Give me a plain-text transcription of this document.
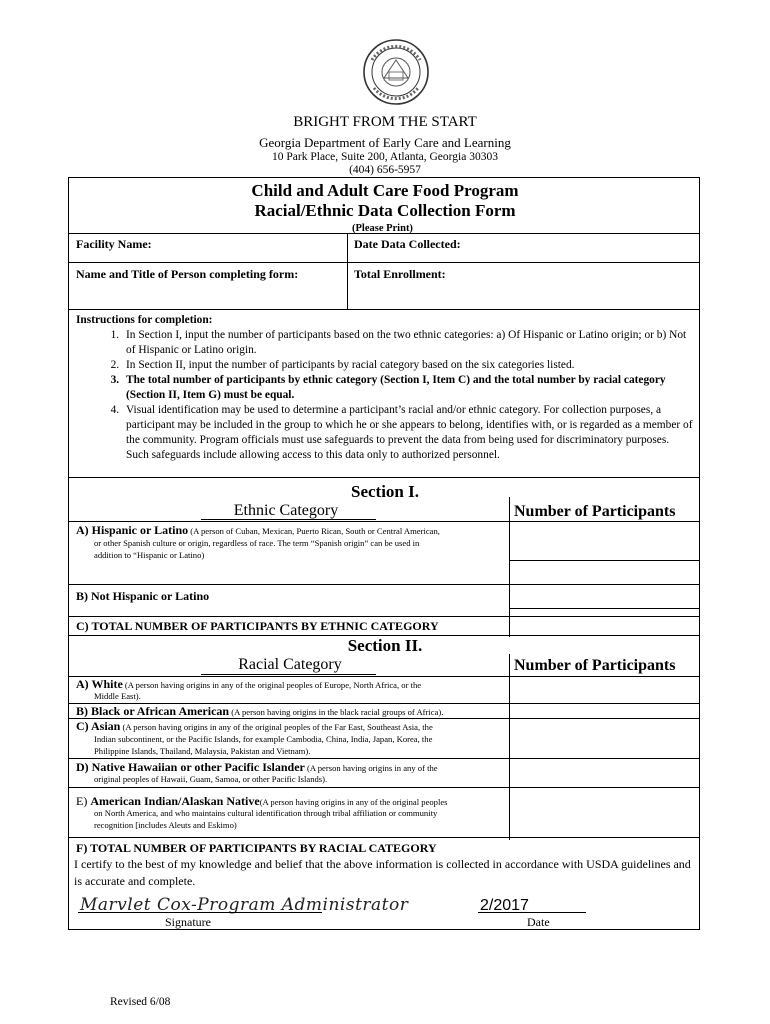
BRIGHT FROM THE START
Georgia Department of Early Care and Learning
10 Park Place, Suite 200, Atlanta, Georgia 30303
(404) 656-5957
Child and Adult Care Food Program
Racial/Ethnic Data Collection Form
(Please Print)
Facility Name:	Date Data Collected:
Name and Title of Person completing form:	Total Enrollment:
Instructions for completion:
1. In Section I, input the number of participants based on the two ethnic categories: a) Of Hispanic or Latino origin; or b) Not of Hispanic or Latino origin.
2. In Section II, input the number of participants by racial category based on the six categories listed.
3. The total number of participants by ethnic category (Section I, Item C) and the total number by racial category (Section II, Item G) must be equal.
4. Visual identification may be used to determine a participant’s racial and/or ethnic category. For collection purposes, a participant may be included in the group to which he or she appears to belong, identifies with, or is regarded as a member of the community. Program officials must use safeguards to prevent the data from being used for discriminatory purposes. Such safeguards include allowing access to this data only to authorized personnel.
Section I.
Ethnic Category	Number of Participants
A) Hispanic or Latino (A person of Cuban, Mexican, Puerto Rican, South or Central American,
or other Spanish culture or origin, regardless of race. The term “Spanish origin” can be used in
addition to “Hispanic or Latino)
B) Not Hispanic or Latino
C) TOTAL NUMBER OF PARTICIPANTS BY ETHNIC CATEGORY
Section II.
Racial Category	Number of Participants
A) White (A person having origins in any of the original peoples of Europe, North Africa, or the
Middle East).
B) Black or African American (A person having origins in the black racial groups of Africa).
C) Asian (A person having origins in any of the original peoples of the Far East, Southeast Asia, the
Indian subcontinent, or the Pacific Islands, for example Cambodia, China, India, Japan, Korea, the
Philippine Islands, Thailand, Malaysia, Pakistan and Vietnam).
D) Native Hawaiian or other Pacific Islander (A person having origins in any of the
original peoples of Hawaii, Guam, Samoa, or other Pacific Islands).
E) American Indian/Alaskan Native(A person having origins in any of the original peoples
on North America, and who maintains cultural identification through tribal affiliation or community
recognition [includes Aleuts and Eskimo)
F) TOTAL NUMBER OF PARTICIPANTS BY RACIAL CATEGORY
I certify to the best of my knowledge and belief that the above information is collected in accordance with USDA guidelines and is accurate and complete.
Marvlet Cox-Program Administrator	2/2017
Signature	Date
Revised 6/08
